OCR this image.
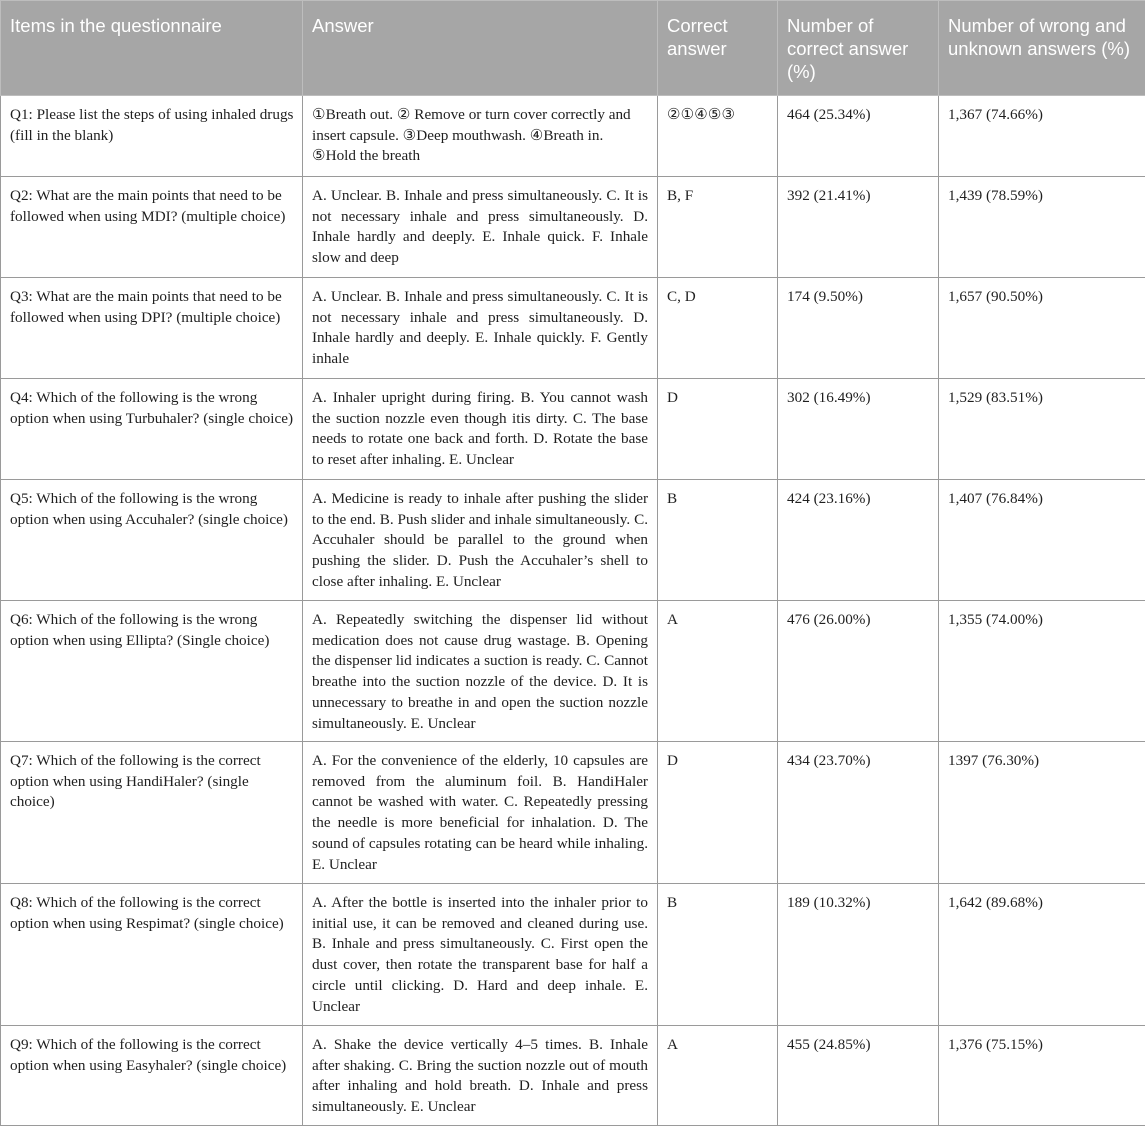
Items in the questionnaire	Answer	Correct answer	Number of correct answer (%)	Number of wrong and unknown answers (%)
Q1: Please list the steps of using inhaled drugs (fill in the blank)	①Breath out. ② Remove or turn cover correctly and insert capsule. ③Deep mouthwash. ④Breath in. ⑤Hold the breath	②①④⑤③	464 (25.34%)	1,367 (74.66%)
Q2: What are the main points that need to be followed when using MDI? (multiple choice)	A. Unclear. B. Inhale and press simultaneously. C. It is not necessary inhale and press simultaneously. D. Inhale hardly and deeply. E. Inhale quick. F. Inhale slow and deep	B, F	392 (21.41%)	1,439 (78.59%)
Q3: What are the main points that need to be followed when using DPI? (multiple choice)	A. Unclear. B. Inhale and press simultaneously. C. It is not necessary inhale and press simultaneously. D. Inhale hardly and deeply. E. Inhale quickly. F. Gently inhale	C, D	174 (9.50%)	1,657 (90.50%)
Q4: Which of the following is the wrong option when using Turbuhaler? (single choice)	A. Inhaler upright during firing. B. You cannot wash the suction nozzle even though itis dirty. C. The base needs to rotate one back and forth. D. Rotate the base to reset after inhaling. E. Unclear	D	302 (16.49%)	1,529 (83.51%)
Q5: Which of the following is the wrong option when using Accuhaler? (single choice)	A. Medicine is ready to inhale after pushing the slider to the end. B. Push slider and inhale simultaneously. C. Accuhaler should be parallel to the ground when pushing the slider. D. Push the Accuhaler’s shell to close after inhaling. E. Unclear	B	424 (23.16%)	1,407 (76.84%)
Q6: Which of the following is the wrong option when using Ellipta? (Single choice)	A. Repeatedly switching the dispenser lid without medication does not cause drug wastage. B. Opening the dispenser lid indicates a suction is ready. C. Cannot breathe into the suction nozzle of the device. D. It is unnecessary to breathe in and open the suction nozzle simultaneously. E. Unclear	A	476 (26.00%)	1,355 (74.00%)
Q7: Which of the following is the correct option when using HandiHaler? (single choice)	A. For the convenience of the elderly, 10 capsules are removed from the aluminum foil. B. HandiHaler cannot be washed with water. C. Repeatedly pressing the needle is more beneficial for inhalation. D. The sound of capsules rotating can be heard while inhaling. E. Unclear	D	434 (23.70%)	1397 (76.30%)
Q8: Which of the following is the correct option when using Respimat? (single choice)	A. After the bottle is inserted into the inhaler prior to initial use, it can be removed and cleaned during use. B. Inhale and press simultaneously. C. First open the dust cover, then rotate the transparent base for half a circle until clicking. D. Hard and deep inhale. E. Unclear	B	189 (10.32%)	1,642 (89.68%)
Q9: Which of the following is the correct option when using Easyhaler? (single choice)	A. Shake the device vertically 4–5 times. B. Inhale after shaking. C. Bring the suction nozzle out of mouth after inhaling and hold breath. D. Inhale and press simultaneously. E. Unclear	A	455 (24.85%)	1,376 (75.15%)
